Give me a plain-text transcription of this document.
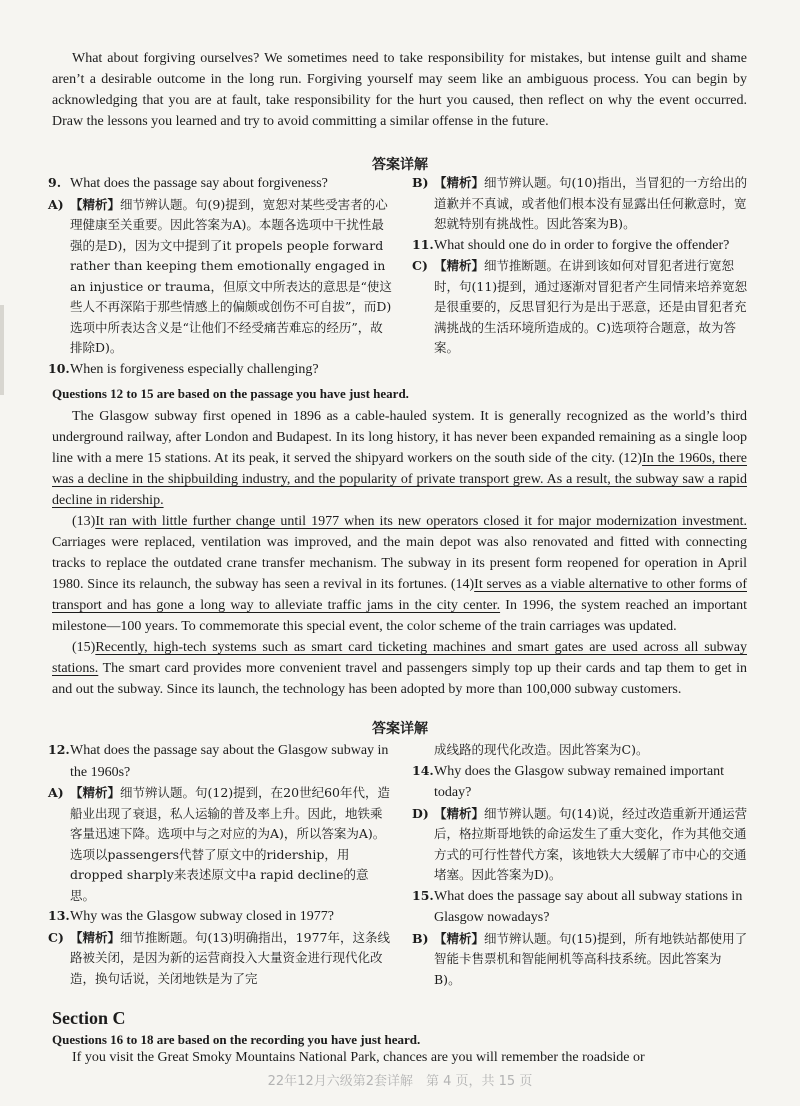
What about forgiving ourselves? We sometimes need to take responsibility for mistakes, but intense guilt and shame aren’t a desirable outcome in the long run. Forgiving yourself may seem like an ambiguous process. You can begin by acknowledging that you are at fault, take responsibility for the hurt you caused, then reflect on why the event occurred. Draw the lessons you learned and try to avoid committing a similar offense in the future.

答案详解
9. What does the passage say about forgiveness?
A) 【精析】细节辨认题。句(9)提到，宽恕对某些受害者的心理健康至关重要。因此答案为A)。本题各选项中干扰性最强的是D)，因为文中提到了it propels people forward rather than keeping them emotionally engaged in an injustice or trauma，但原文中所表达的意思是“使这些人不再深陷于那些情感上的偏颇或创伤不可自拔”，而D)选项中所表达含义是“让他们不经受痛苦难忘的经历”，故排除D)。
10. When is forgiveness especially challenging?
B) 【精析】细节辨认题。句(10)指出，当冒犯的一方给出的道歉并不真诚，或者他们根本没有显露出任何歉意时，宽恕就特别有挑战性。因此答案为B)。
11. What should one do in order to forgive the offender?
C) 【精析】细节推断题。在讲到该如何对冒犯者进行宽恕时，句(11)提到，通过逐渐对冒犯者产生同情来培养宽恕是很重要的，反思冒犯行为是出于恶意，还是由冒犯者充满挑战的生活环境所造成的。C)选项符合题意，故为答案。
Questions 12 to 15 are based on the passage you have just heard.

The Glasgow subway first opened in 1896 as a cable-hauled system. It is generally recognized as the world’s third underground railway, after London and Budapest. In its long history, it has never been expanded remaining as a single loop line with a mere 15 stations. At its peak, it served the shipyard workers on the south side of the city. (12)In the 1960s, there was a decline in the shipbuilding industry, and the popularity of private transport grew. As a result, the subway saw a rapid decline in ridership.

(13)It ran with little further change until 1977 when its new operators closed it for major modernization investment. Carriages were replaced, ventilation was improved, and the main depot was also renovated and fitted with connecting tracks to replace the outdated crane transfer mechanism. The subway in its present form reopened for operation in April 1980. Since its relaunch, the subway has seen a revival in its fortunes. (14)It serves as a viable alternative to other forms of transport and has gone a long way to alleviate traffic jams in the city center. In 1996, the system reached an important milestone—100 years. To commemorate this special event, the color scheme of the train carriages was updated.

(15)Recently, high-tech systems such as smart card ticketing machines and smart gates are used across all subway stations. The smart card provides more convenient travel and passengers simply top up their cards and tap them to get in and out the subway. Since its launch, the technology has been adopted by more than 100,000 subway customers.

答案详解
12. What does the passage say about the Glasgow subway in the 1960s?
A) 【精析】细节辨认题。句(12)提到，在20世纪60年代，造船业出现了衰退，私人运输的普及率上升。因此，地铁乘客量迅速下降。选项中与之对应的为A)，所以答案为A)。选项以passengers代替了原文中的ridership，用dropped sharply来表述原文中a rapid decline的意思。
13. Why was the Glasgow subway closed in 1977?
C) 【精析】细节推断题。句(13)明确指出，1977年，这条线路被关闭，是因为新的运营商投入大量资金进行现代化改造，换句话说，关闭地铁是为了完
成线路的现代化改造。因此答案为C)。
14. Why does the Glasgow subway remained important today?
D) 【精析】细节辨认题。句(14)说，经过改造重新开通运营后，格拉斯哥地铁的命运发生了重大变化，作为其他交通方式的可行性替代方案，该地铁大大缓解了市中心的交通堵塞。因此答案为D)。
15. What does the passage say about all subway stations in Glasgow nowadays?
B) 【精析】细节辨认题。句(15)提到，所有地铁站都使用了智能卡售票机和智能闸机等高科技系统。因此答案为B)。
Section C
Questions 16 to 18 are based on the recording you have just heard.

If you visit the Great Smoky Mountains National Park, chances are you will remember the roadside or

22年12月六级第2套详解　第 4 页，共 15 页
